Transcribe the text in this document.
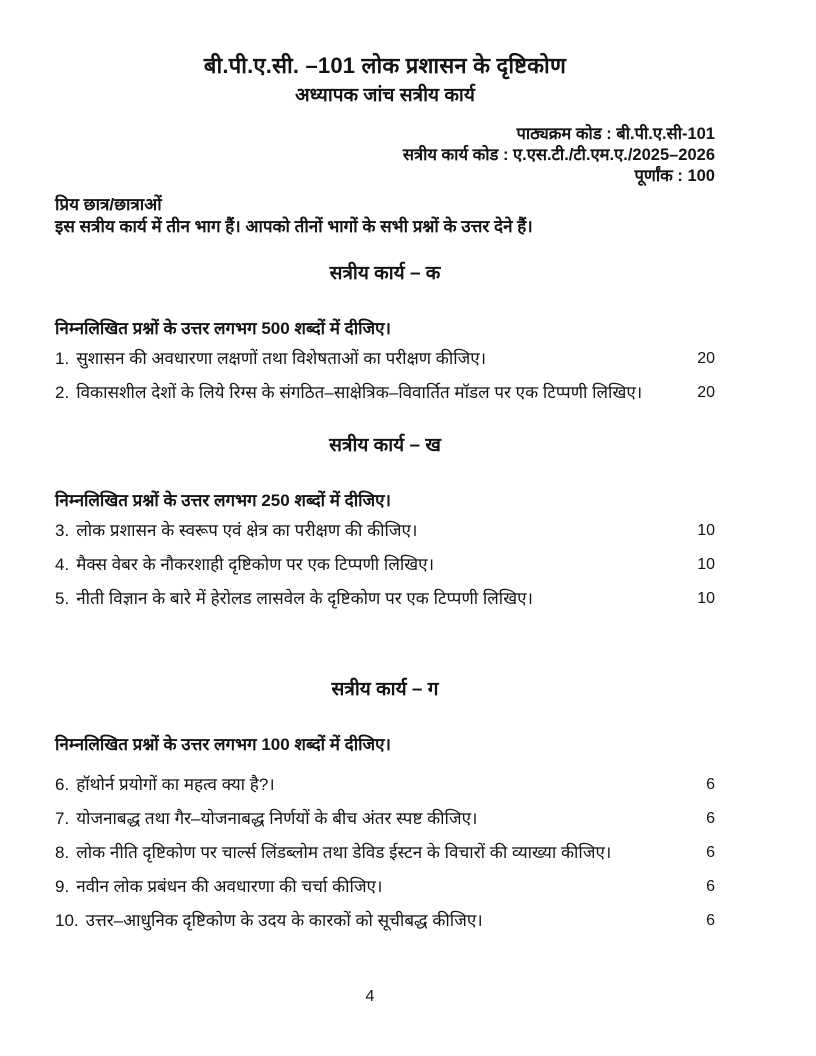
बी.पी.ए.सी. –101 लोक प्रशासन के दृष्टिकोण
अध्यापक जांच सत्रीय कार्य
पाठ्यक्रम कोड : बी.पी.ए.सी-101
सत्रीय कार्य कोड : ए.एस.टी./टी.एम.ए./2025–2026
पूर्णांक : 100
प्रिय छात्र/छात्राओं
इस सत्रीय कार्य में तीन भाग हैं। आपको तीनों भागों के सभी प्रश्नों के उत्तर देने हैं।
सत्रीय कार्य – क
निम्नलिखित प्रश्नों के उत्तर लगभग 500 शब्दों में दीजिए।
1. सुशासन की अवधारणा लक्षणों तथा विशेषताओं का परीक्षण कीजिए।	20
2. विकासशील देशों के लिये रिग्स के संगठित–साक्षेत्रिक–विवार्तित मॉडल पर एक टिप्पणी लिखिए।	20
सत्रीय कार्य – ख
निम्नलिखित प्रश्नों के उत्तर लगभग 250 शब्दों में दीजिए।
3. लोक प्रशासन के स्वरूप एवं क्षेत्र का परीक्षण की कीजिए।	10
4. मैक्स वेबर के नौकरशाही दृष्टिकोण पर एक टिप्पणी लिखिए।	10
5. नीती विज्ञान के बारे में हेरोलड लासवेल के दृष्टिकोण पर एक टिप्पणी लिखिए।	10
सत्रीय कार्य – ग
निम्नलिखित प्रश्नों के उत्तर लगभग 100 शब्दों में दीजिए।
6. हॉथोर्न प्रयोगों का महत्व क्या है?।	6
7. योजनाबद्ध तथा गैर–योजनाबद्ध निर्णयों के बीच अंतर स्पष्ट कीजिए।	6
8. लोक नीति दृष्टिकोण पर चार्ल्स लिंडब्लोम तथा डेविड ईस्टन के विचारों की व्याख्या कीजिए।	6
9. नवीन लोक प्रबंधन की अवधारणा की चर्चा कीजिए।	6
10. उत्तर–आधुनिक दृष्टिकोण के उदय के कारकों को सूचीबद्ध कीजिए।	6
4
